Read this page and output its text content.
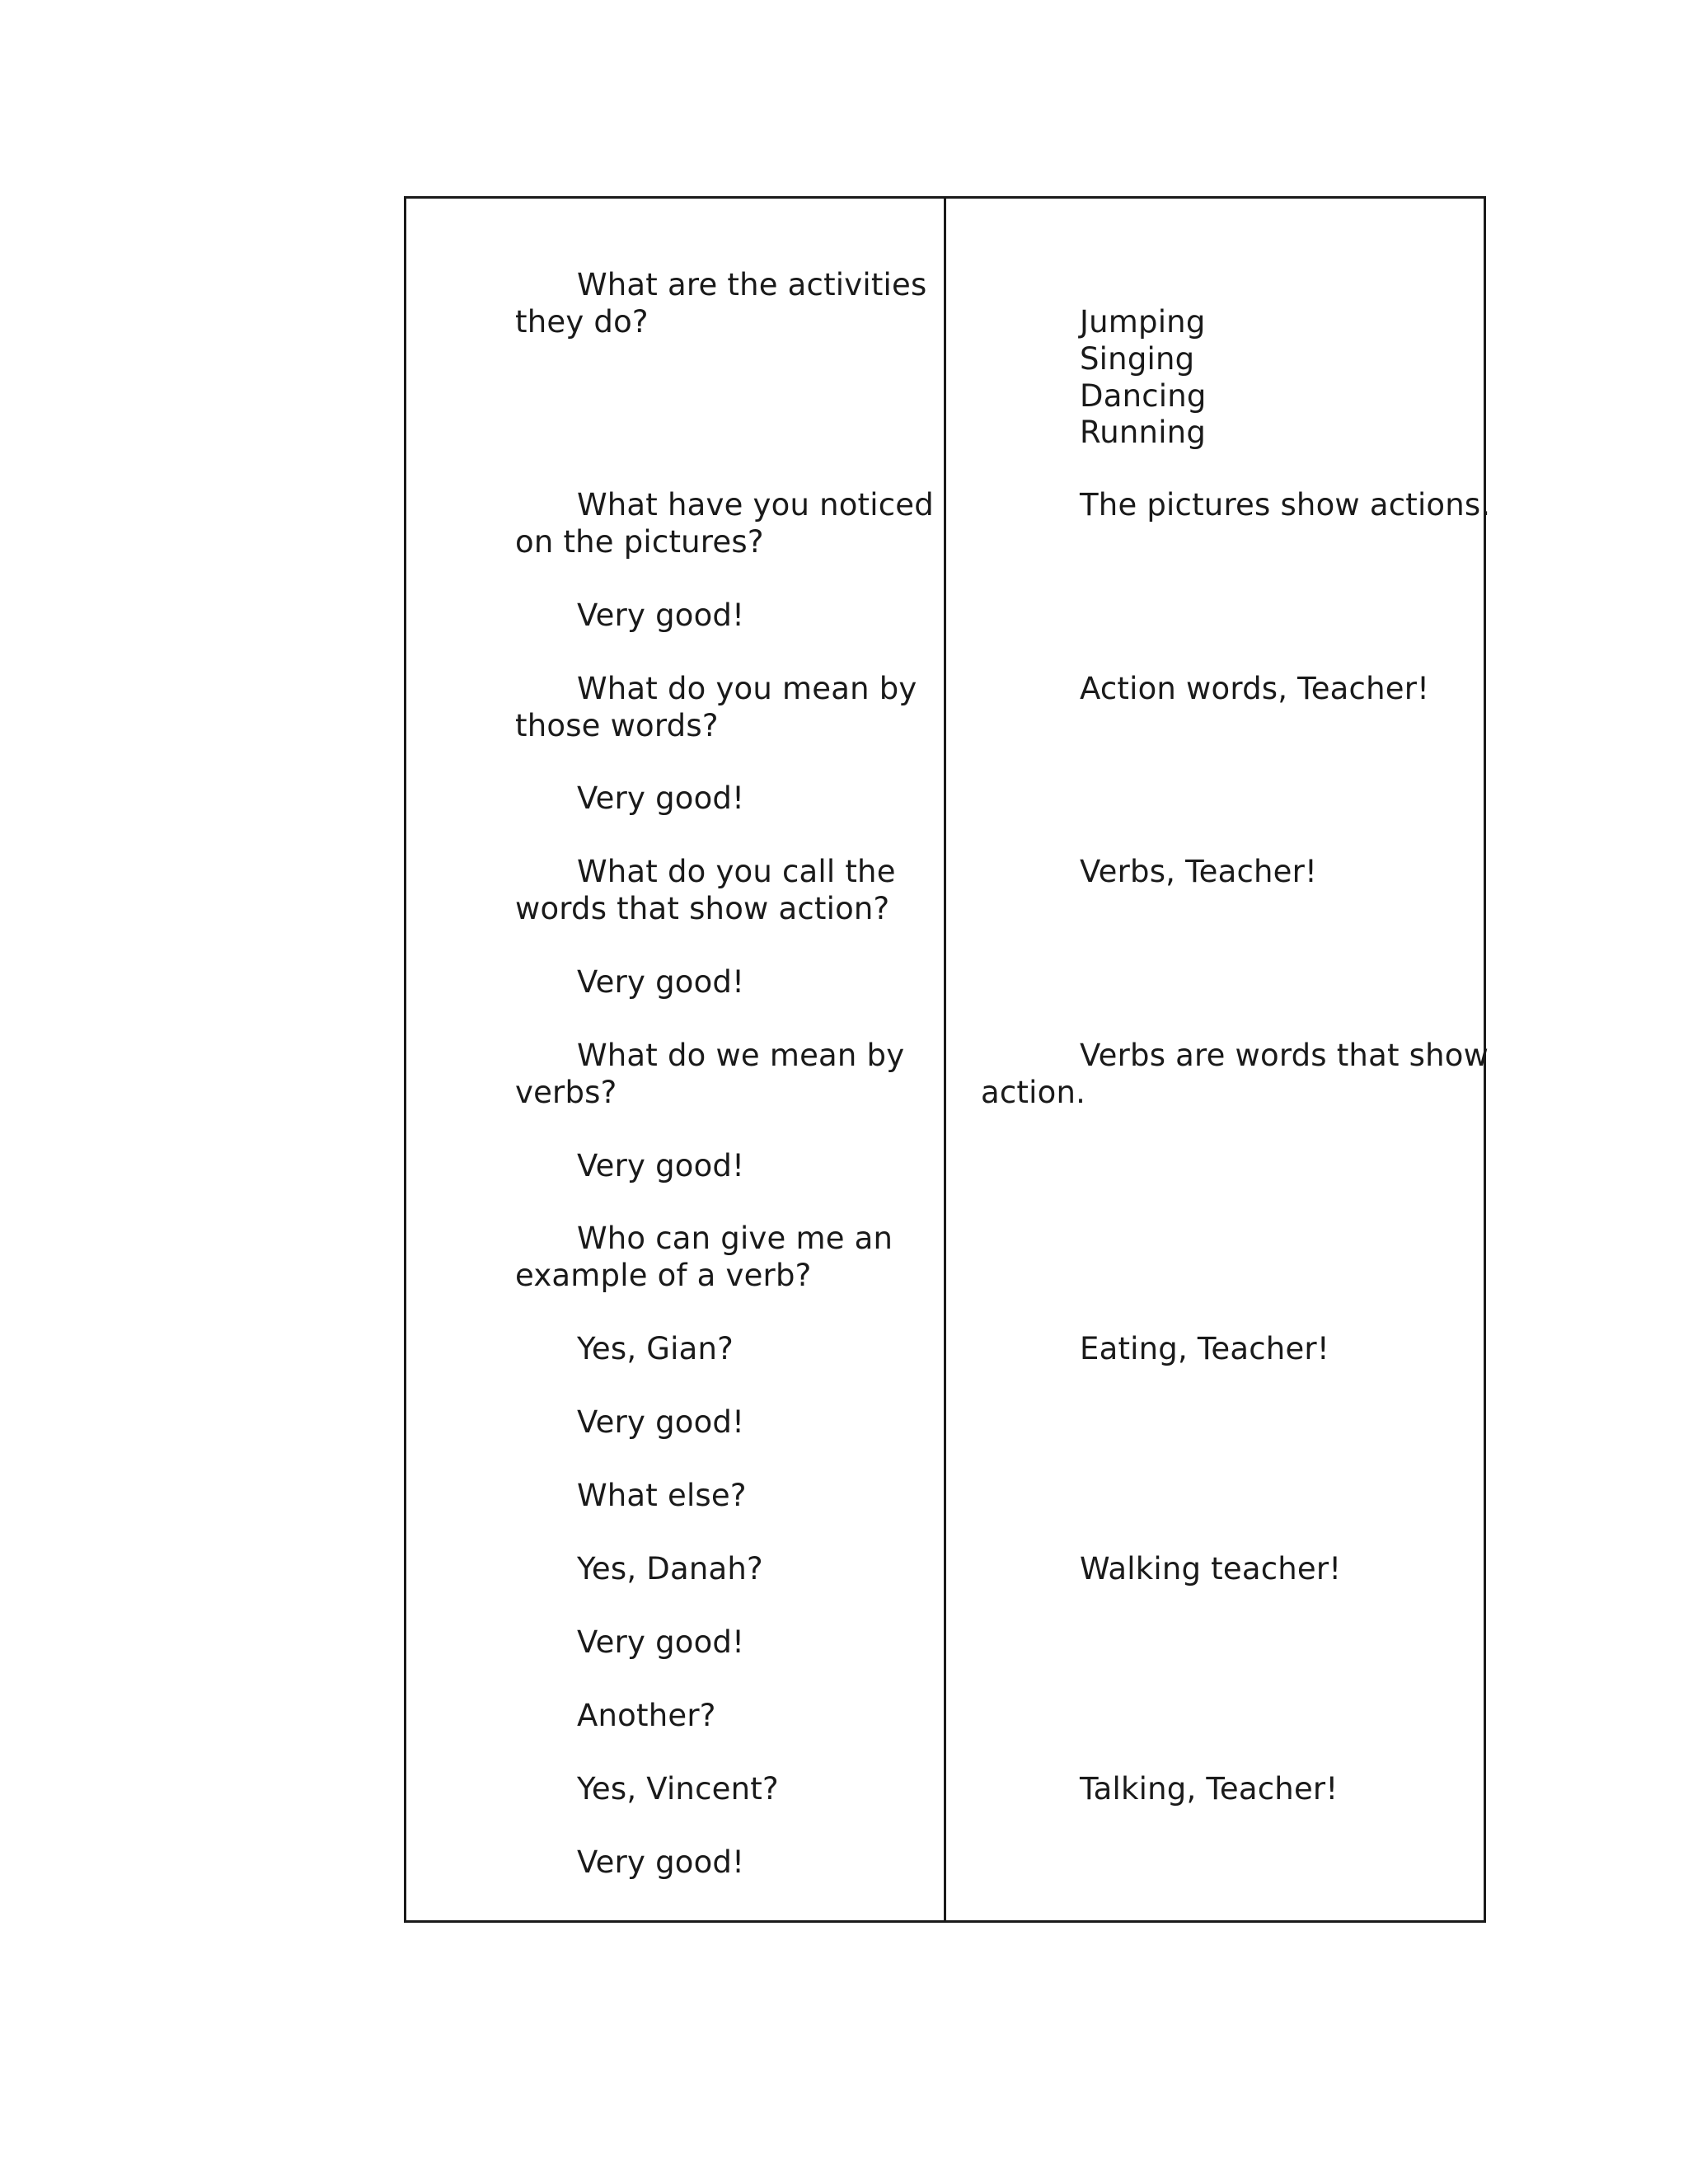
What are the activities
they do?
What have you noticed
on the pictures?
Very good!
What do you mean by
those words?
Very good!
What do you call the
words that show action?
Very good!
What do we mean by
verbs?
Very good!
Who can give me an
example of a verb?
Yes, Gian?
Very good!
What else?
Yes, Danah?
Very good!
Another?
Yes, Vincent?
Very good!
Jumping
Singing
Dancing
Running
The pictures show actions.
Action words, Teacher!
Verbs, Teacher!
Verbs are words that show
action.
Eating, Teacher!
Walking teacher!
Talking, Teacher!
